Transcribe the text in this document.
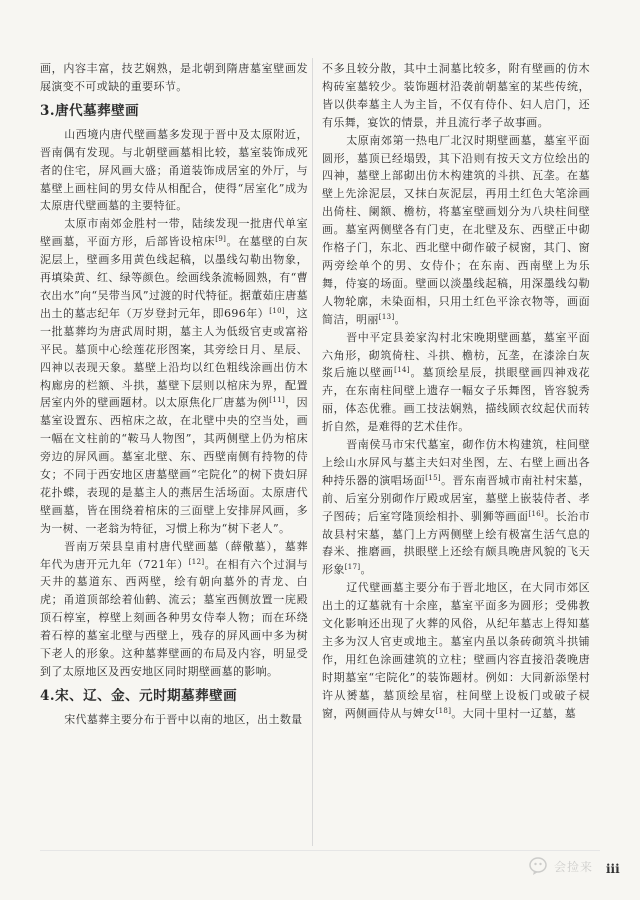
画，内容丰富，技艺娴熟，是北朝到隋唐墓室壁画发展演变不可或缺的重要环节。

3.唐代墓葬壁画

山西境内唐代壁画墓多发现于晋中及太原附近，晋南偶有发现。与北朝壁画墓相比较，墓室装饰成死者的住宅，屏风画大盛；甬道装饰成居室的外厅，与墓壁上画柱间的男女侍从相配合，使得“居室化”成为太原唐代壁画墓的主要特征。

太原市南郊金胜村一带，陆续发现一批唐代单室壁画墓，平面方形，后部皆设棺床[9]。在墓壁的白灰泥层上，壁画多用黄色线起稿，以墨线勾勒出物象，再填染黄、红、绿等颜色。绘画线条流畅圆熟，有“曹衣出水”向“吴带当风”过渡的时代特征。据董茹庄唐墓出土的墓志纪年（万岁登封元年，即696年）[10]，这一批墓葬均为唐武周时期，墓主人为低级官吏或富裕平民。墓顶中心绘莲花形图案，其旁绘日月、星辰、四神以表现天象。墓壁上沿均以红色粗线涂画出仿木构廊房的栏额、斗拱，墓壁下层则以棺床为界，配置居室内外的壁画题材。以太原焦化厂唐墓为例[11]，因墓室设置东、西棺床之故，在北壁中央的空当处，画一幅在文柱前的“鞍马人物图”，其两侧壁上仍为棺床旁边的屏风画。墓室北壁、东、西壁南侧有持物的侍女；不同于西安地区唐墓壁画“宅院化”的树下贵妇屏花扑蝶，表现的是墓主人的燕居生活场面。太原唐代壁画墓，皆在围绕着棺床的三面壁上安排屏风画，多为一树、一老翁为特征，习惯上称为“树下老人”。

晋南万荣县皇甫村唐代壁画墓（薛儆墓），墓葬年代为唐开元九年（721年）[12]。在相有六个过洞与天井的墓道东、西两壁，绘有朝向墓外的青龙、白虎；甬道顶部绘着仙鹤、流云；墓室西侧放置一庑殿顶石椁室，椁壁上刻画各种男女侍奉人物；而在环绕着石椁的墓室北壁与西壁上，残存的屏风画中多为树下老人的形象。这种墓葬壁画的布局及内容，明显受到了太原地区及西安地区同时期壁画墓的影响。

4.宋、辽、金、元时期墓葬壁画

宋代墓葬主要分布于晋中以南的地区，出土数量

不多且较分散，其中土洞墓比较多，附有壁画的仿木构砖室墓较少。装饰题材沿袭前朝墓室的某些传统，皆以供奉墓主人为主旨，不仅有侍仆、妇人启门，还有乐舞，宴饮的情景，并且流行孝子故事画。

太原南郊第一热电厂北汉时期壁画墓，墓室平面圆形，墓顶已经塌毁，其下沿则有按天文方位绘出的四神，墓壁上部砌出仿木构建筑的斗拱、瓦垄。在墓壁上先涂泥层，又抹白灰泥层，再用土红色大笔涂画出倚柱、阑额、檐枋，将墓室壁画划分为八块柱间壁画。墓室两侧壁各有门吏，在北壁及东、西壁正中砌作格子门，东北、西北壁中砌作破子棂窗，其门、窗两旁绘单个的男、女侍仆；在东南、西南壁上为乐舞，侍宴的场面。壁画以淡墨线起稿，用深墨线勾勒人物轮廓，未染面相，只用土红色平涂衣物等，画面简洁，明丽[13]。

晋中平定县姜家沟村北宋晚期壁画墓，墓室平面六角形，砌筑倚柱、斗拱、檐枋，瓦垄，在漆涂白灰浆后施以壁画[14]。墓顶绘星辰，拱眼壁画四神戏花卉，在东南柱间壁上遗存一幅女子乐舞图，皆容貌秀丽，体态优雅。画工技法娴熟，描线顾衣纹起伏而转折自然，是难得的艺术佳作。

晋南侯马市宋代墓室，砌作仿木构建筑，柱间壁上绘山水屏风与墓主夫妇对坐图，左、右壁上画出各种持乐器的演唱场面[15]。晋东南晋城市南社村宋墓，前、后室分别砌作厅殿或居室，墓壁上嵌装侍者、孝子图砖；后室穹隆顶绘相扑、驯狮等画面[16]。长治市故县村宋墓，墓门上方两侧壁上绘有极富生活气息的舂米、推磨画，拱眼壁上还绘有颇具晚唐风貌的飞天形象[17]。

辽代壁画墓主要分布于晋北地区，在大同市郊区出土的辽墓就有十余座，墓室平面多为圆形；受佛教文化影响还出现了火葬的风俗，从纪年墓志上得知墓主多为汉人官吏或地主。墓室内虽以条砖砌筑斗拱铺作，用红色涂画建筑的立柱；壁画内容直接沿袭晚唐时期墓室“宅院化”的装饰题材。例如：大同新添堡村许从赟墓，墓顶绘星宿，柱间壁上设板门或破子棂窗，两侧画侍从与婢女[18]。大同十里村一辽墓，墓

会捡来 iii
